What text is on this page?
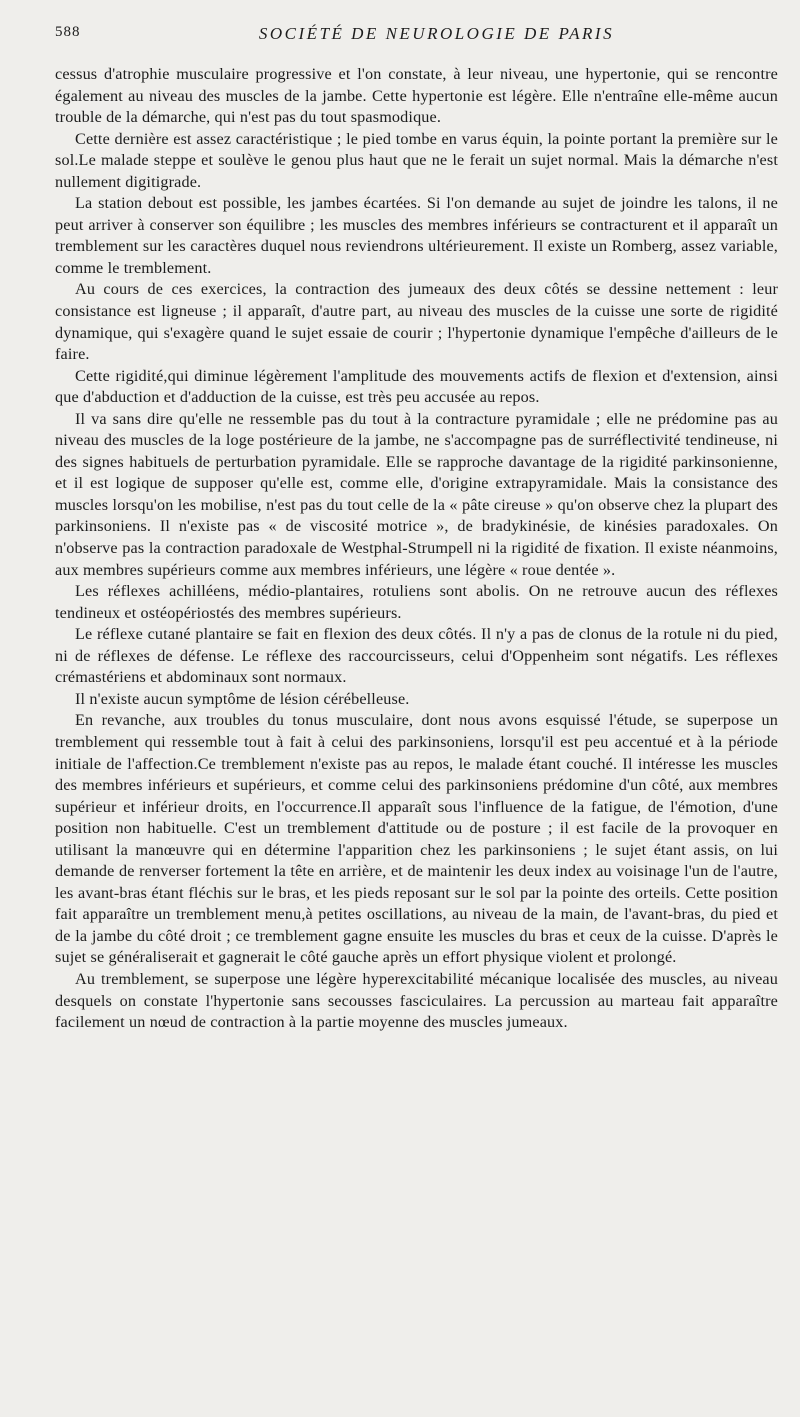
588	SOCIÉTÉ DE NEUROLOGIE DE PARIS

cessus d'atrophie musculaire progressive et l'on constate, à leur niveau, une hypertonie, qui se rencontre également au niveau des muscles de la jambe. Cette hypertonie est légère. Elle n'entraîne elle-même aucun trouble de la démarche, qui n'est pas du tout spasmodique.

Cette dernière est assez caractéristique ; le pied tombe en varus équin, la pointe portant la première sur le sol.Le malade steppe et soulève le genou plus haut que ne le ferait un sujet normal. Mais la démarche n'est nullement digitigrade.

La station debout est possible, les jambes écartées. Si l'on demande au sujet de joindre les talons, il ne peut arriver à conserver son équilibre ; les muscles des membres inférieurs se contracturent et il apparaît un tremblement sur les caractères duquel nous reviendrons ultérieurement. Il existe un Romberg, assez variable, comme le tremblement.

Au cours de ces exercices, la contraction des jumeaux des deux côtés se dessine nettement : leur consistance est ligneuse ; il apparaît, d'autre part, au niveau des muscles de la cuisse une sorte de rigidité dynamique, qui s'exagère quand le sujet essaie de courir ; l'hypertonie dynamique l'empêche d'ailleurs de le faire.

Cette rigidité,qui diminue légèrement l'amplitude des mouvements actifs de flexion et d'extension, ainsi que d'abduction et d'adduction de la cuisse, est très peu accusée au repos.

Il va sans dire qu'elle ne ressemble pas du tout à la contracture pyramidale ; elle ne prédomine pas au niveau des muscles de la loge postérieure de la jambe, ne s'accompagne pas de surréflectivité tendineuse, ni des signes habituels de perturbation pyramidale. Elle se rapproche davantage de la rigidité parkinsonienne, et il est logique de supposer qu'elle est, comme elle, d'origine extrapyramidale. Mais la consistance des muscles lorsqu'on les mobilise, n'est pas du tout celle de la « pâte cireuse » qu'on observe chez la plupart des parkinsoniens. Il n'existe pas « de viscosité motrice », de bradykinésie, de kinésies paradoxales. On n'observe pas la contraction paradoxale de Westphal-Strumpell ni la rigidité de fixation. Il existe néanmoins, aux membres supérieurs comme aux membres inférieurs, une légère « roue dentée ».

Les réflexes achilléens, médio-plantaires, rotuliens sont abolis. On ne retrouve aucun des réflexes tendineux et ostéopériostés des membres supérieurs.

Le réflexe cutané plantaire se fait en flexion des deux côtés. Il n'y a pas de clonus de la rotule ni du pied, ni de réflexes de défense. Le réflexe des raccourcisseurs, celui d'Oppenheim sont négatifs. Les réflexes crémastériens et abdominaux sont normaux.

Il n'existe aucun symptôme de lésion cérébelleuse.

En revanche, aux troubles du tonus musculaire, dont nous avons esquissé l'étude, se superpose un tremblement qui ressemble tout à fait à celui des parkinsoniens, lorsqu'il est peu accentué et à la période initiale de l'affection.Ce tremblement n'existe pas au repos, le malade étant couché. Il intéresse les muscles des membres inférieurs et supérieurs, et comme celui des parkinsoniens prédomine d'un côté, aux membres supérieur et inférieur droits, en l'occurrence.Il apparaît sous l'influence de la fatigue, de l'émotion, d'une position non habituelle. C'est un tremblement d'attitude ou de posture ; il est facile de la provoquer en utilisant la manœuvre qui en détermine l'apparition chez les parkinsoniens ; le sujet étant assis, on lui demande de renverser fortement la tête en arrière, et de maintenir les deux index au voisinage l'un de l'autre, les avant-bras étant fléchis sur le bras, et les pieds reposant sur le sol par la pointe des orteils. Cette position fait apparaître un tremblement menu,à petites oscillations, au niveau de la main, de l'avant-bras, du pied et de la jambe du côté droit ; ce tremblement gagne ensuite les muscles du bras et ceux de la cuisse. D'après le sujet se généraliserait et gagnerait le côté gauche après un effort physique violent et prolongé.

Au tremblement, se superpose une légère hyperexcitabilité mécanique localisée des muscles, au niveau desquels on constate l'hypertonie sans secousses fasciculaires. La percussion au marteau fait apparaître facilement un nœud de contraction à la partie moyenne des muscles jumeaux.
